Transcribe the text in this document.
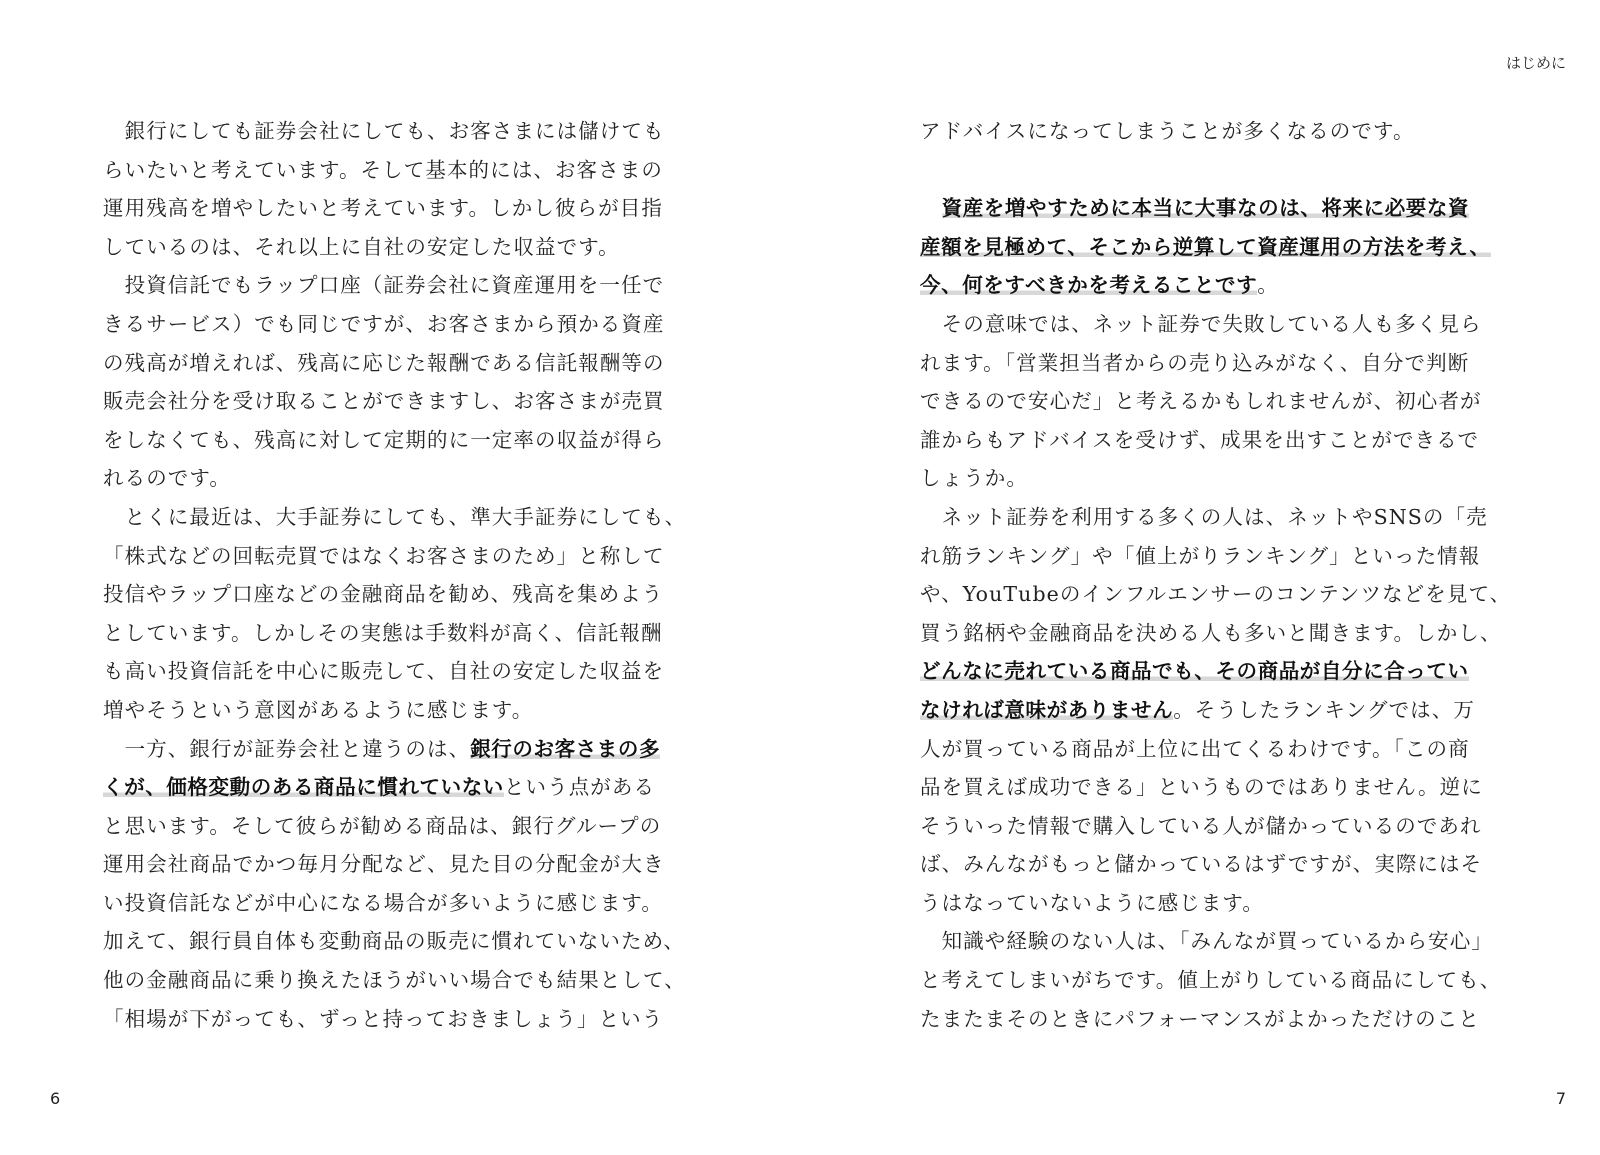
　銀行にしても証券会社にしても、お客さまには儲けても
らいたいと考えています。そして基本的には、お客さまの
運用残高を増やしたいと考えています。しかし彼らが目指
しているのは、それ以上に自社の安定した収益です。
　投資信託でもラップ口座（証券会社に資産運用を一任で
きるサービス）でも同じですが、お客さまから預かる資産
の残高が増えれば、残高に応じた報酬である信託報酬等の
販売会社分を受け取ることができますし、お客さまが売買
をしなくても、残高に対して定期的に一定率の収益が得ら
れるのです。
　とくに最近は、大手証券にしても、準大手証券にしても、
「株式などの回転売買ではなくお客さまのため」と称して
投信やラップ口座などの金融商品を勧め、残高を集めよう
としています。しかしその実態は手数料が高く、信託報酬
も高い投資信託を中心に販売して、自社の安定した収益を
増やそうという意図があるように感じます。
　一方、銀行が証券会社と違うのは、銀行のお客さまの多
くが、価格変動のある商品に慣れていないという点がある
と思います。そして彼らが勧める商品は、銀行グループの
運用会社商品でかつ毎月分配など、見た目の分配金が大き
い投資信託などが中心になる場合が多いように感じます。
加えて、銀行員自体も変動商品の販売に慣れていないため、
他の金融商品に乗り換えたほうがいい場合でも結果として、
「相場が下がっても、ずっと持っておきましょう」という
6
はじめに
アドバイスになってしまうことが多くなるのです。
　資産を増やすために本当に大事なのは、将来に必要な資
産額を見極めて、そこから逆算して資産運用の方法を考え、
今、何をすべきかを考えることです。
　その意味では、ネット証券で失敗している人も多く見ら
れます。「営業担当者からの売り込みがなく、自分で判断
できるので安心だ」と考えるかもしれませんが、初心者が
誰からもアドバイスを受けず、成果を出すことができるで
しょうか。
　ネット証券を利用する多くの人は、ネットやSNSの「売
れ筋ランキング」や「値上がりランキング」といった情報
や、YouTubeのインフルエンサーのコンテンツなどを見て、
買う銘柄や金融商品を決める人も多いと聞きます。しかし、
どんなに売れている商品でも、その商品が自分に合ってい
なければ意味がありません。そうしたランキングでは、万
人が買っている商品が上位に出てくるわけです。「この商
品を買えば成功できる」というものではありません。逆に
そういった情報で購入している人が儲かっているのであれ
ば、みんながもっと儲かっているはずですが、実際にはそ
うはなっていないように感じます。
　知識や経験のない人は、「みんなが買っているから安心」
と考えてしまいがちです。値上がりしている商品にしても、
たまたまそのときにパフォーマンスがよかっただけのこと
7
